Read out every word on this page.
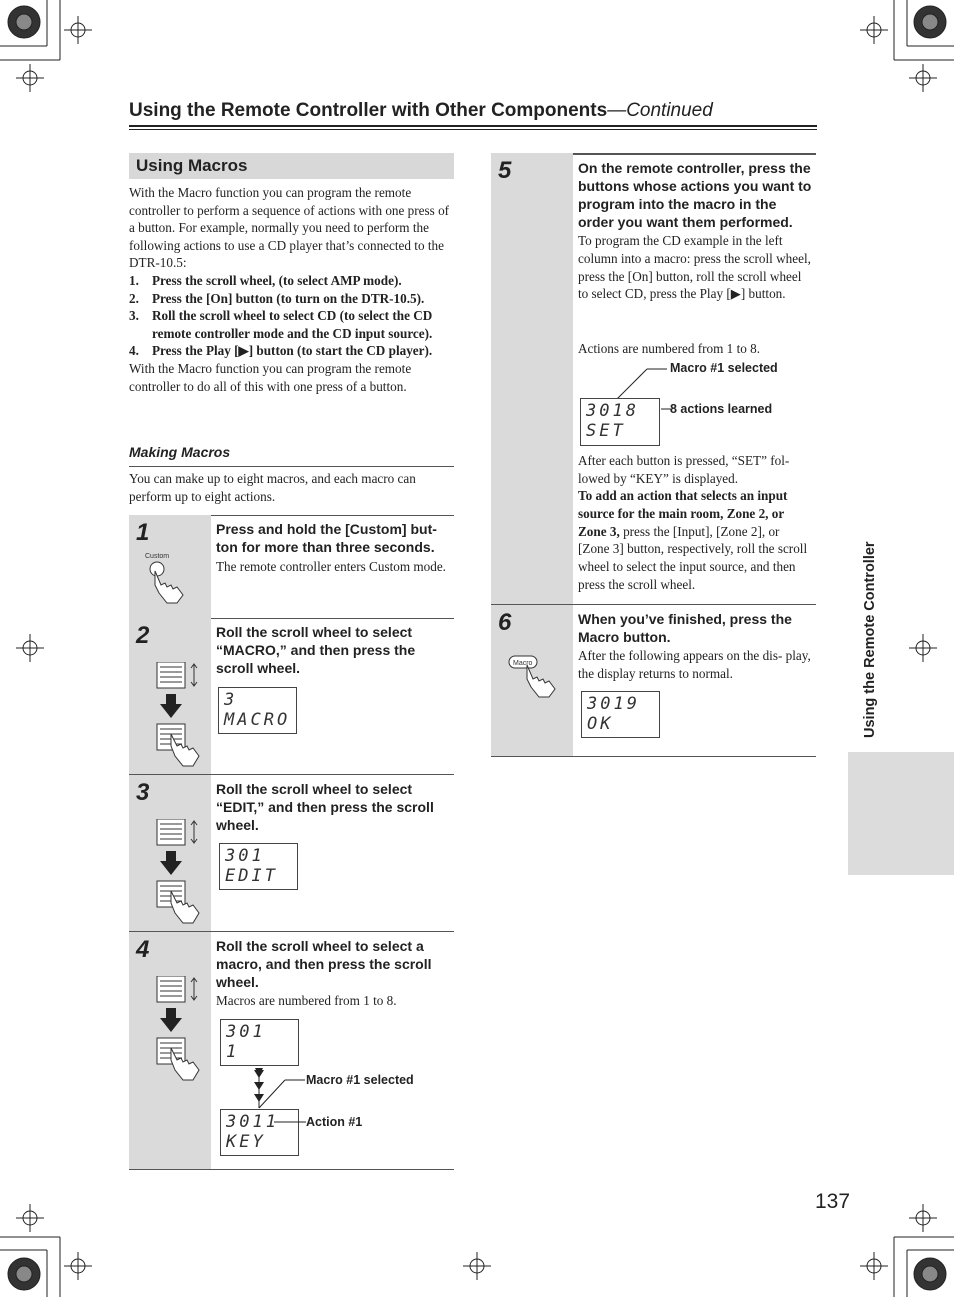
Using the Remote Controller with Other Components—Continued
Using Macros

With the Macro function you can program the remote controller to perform a sequence of actions with one press of a button. For example, normally you need to perform the following actions to use a CD player that’s connected to the DTR-10.5:

1. Press the scroll wheel, (to select AMP mode).
2. Press the [On] button (to turn on the DTR-10.5).
3. Roll the scroll wheel to select CD (to select the CD remote controller mode and the CD input source).
4. Press the Play [▶] button (to start the CD player).

With the Macro function you can program the remote controller to do all of this with one press of a button.

Making Macros
You can make up to eight macros, and each macro can perform up to eight actions.
1
Custom
Press and hold the [Custom] but- ton for more than three seconds.
The remote controller enters Custom mode.
2	Roll the scroll wheel to select “MACRO,” and then press the scroll wheel.
3
MACRO
3	Roll the scroll wheel to select “EDIT,” and then press the scroll wheel.
301
EDIT
4	Roll the scroll wheel to select a macro, and then press the scroll wheel.
Macros are numbered from 1 to 8.
301
1
Macro #1 selected
3011
KEY
Action #1
5	On the remote controller, press the buttons whose actions you want to program into the macro in the order you want them performed.
To program the CD example in the left column into a macro: press the scroll wheel, press the [On] button, roll the scroll wheel to select CD, press the Play [▶] button.
Actions are numbered from 1 to 8.
Macro #1 selected
3018
SET
8 actions learned
After each button is pressed, “SET” fol- lowed by “KEY” is displayed.
To add an action that selects an input source for the main room, Zone 2, or Zone 3, press the [Input], [Zone 2], or [Zone 3] button, respectively, roll the scroll wheel to select the input source, and then press the scroll wheel.
6
Macro
When you’ve finished, press the Macro button.
After the following appears on the dis- play, the display returns to normal.
3019
OK	Using the Remote Controller
137
